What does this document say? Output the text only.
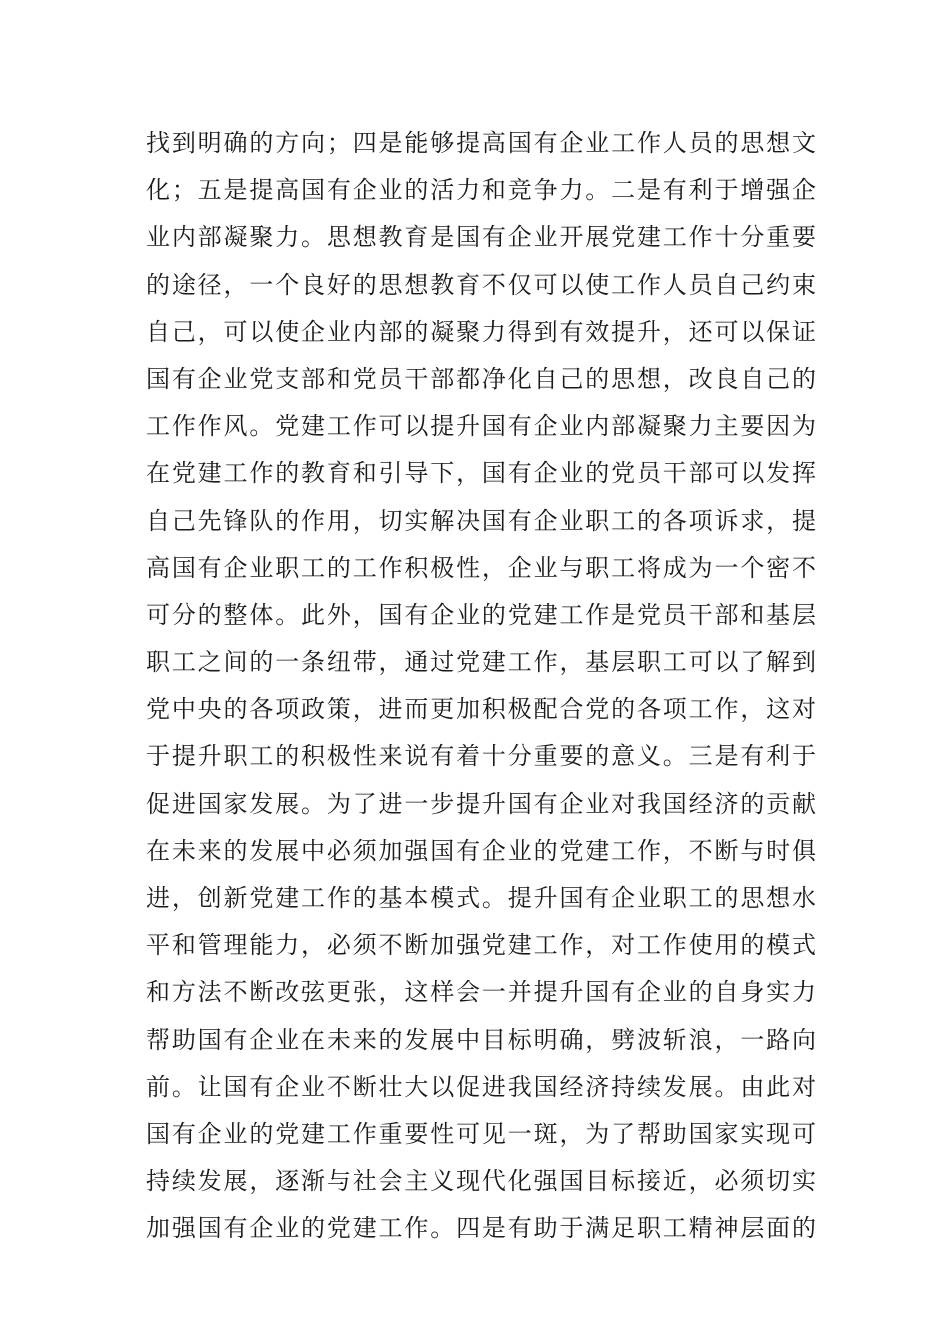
找到明确的方向；四是能够提高国有企业工作人员的思想文
化；五是提高国有企业的活力和竞争力。二是有利于增强企
业内部凝聚力。思想教育是国有企业开展党建工作十分重要
的途径，一个良好的思想教育不仅可以使工作人员自己约束
自己，可以使企业内部的凝聚力得到有效提升，还可以保证
国有企业党支部和党员干部都净化自己的思想，改良自己的
工作作风。党建工作可以提升国有企业内部凝聚力主要因为
在党建工作的教育和引导下，国有企业的党员干部可以发挥
自己先锋队的作用，切实解决国有企业职工的各项诉求，提
高国有企业职工的工作积极性，企业与职工将成为一个密不
可分的整体。此外，国有企业的党建工作是党员干部和基层
职工之间的一条纽带，通过党建工作，基层职工可以了解到
党中央的各项政策，进而更加积极配合党的各项工作，这对
于提升职工的积极性来说有着十分重要的意义。三是有利于
促进国家发展。为了进一步提升国有企业对我国经济的贡献
在未来的发展中必须加强国有企业的党建工作，不断与时俱
进，创新党建工作的基本模式。提升国有企业职工的思想水
平和管理能力，必须不断加强党建工作，对工作使用的模式
和方法不断改弦更张，这样会一并提升国有企业的自身实力
帮助国有企业在未来的发展中目标明确，劈波斩浪，一路向
前。让国有企业不断壮大以促进我国经济持续发展。由此对
国有企业的党建工作重要性可见一斑，为了帮助国家实现可
持续发展，逐渐与社会主义现代化强国目标接近，必须切实
加强国有企业的党建工作。四是有助于满足职工精神层面的
